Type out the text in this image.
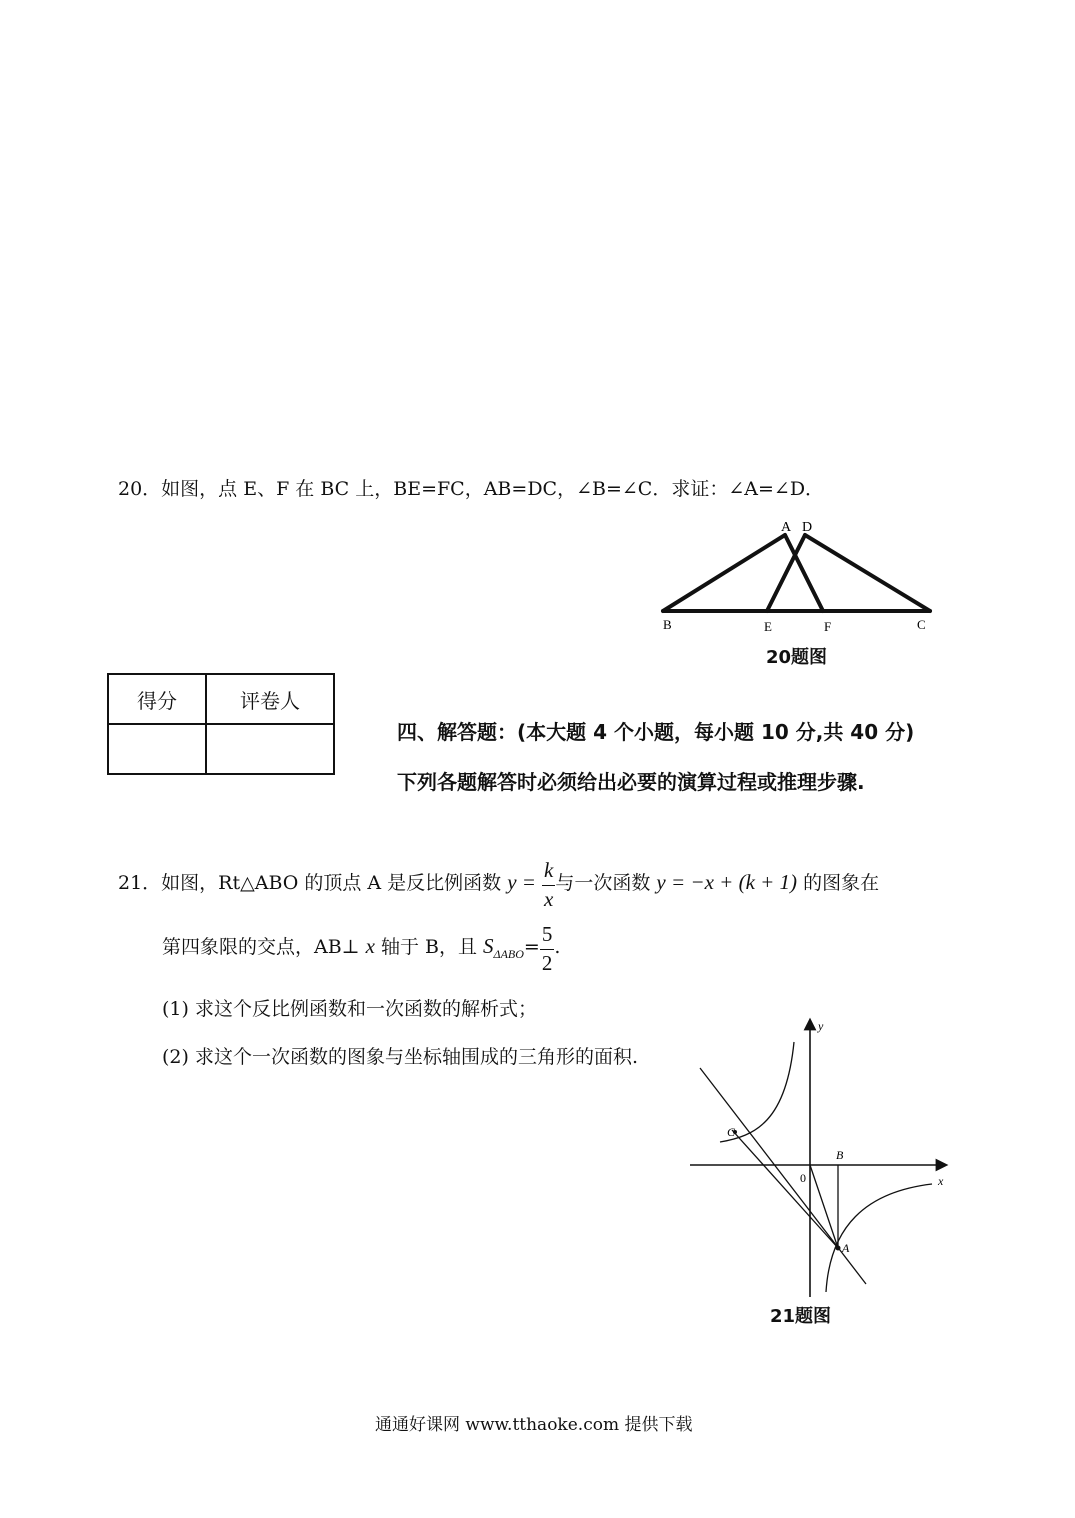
20．如图，点 E、F 在 BC 上，BE=FC，AB=DC，∠B=∠C．求证：∠A=∠D．
A D
B	E	F	C
20题图
得分	评卷人

四、解答题：(本大题 4 个小题，每小题 10 分,共 40 分)
下列各题解答时必须给出必要的演算过程或推理步骤.
21．如图，Rt△ABO 的顶点 A 是反比例函数 $y = \frac{k}{x}$ 与一次函数 y = −x + (k + 1) 的图象在
第四象限的交点，AB⊥ x 轴于 B，且 $S_{\Delta ABO}= \frac{5}{2}$ .
(1) 求这个反比例函数和一次函数的解析式；
(2) 求这个一次函数的图象与坐标轴围成的三角形的面积.
y
x
C
B
0
A
21题图
通通好课网 www.tthaoke.com 提供下载
